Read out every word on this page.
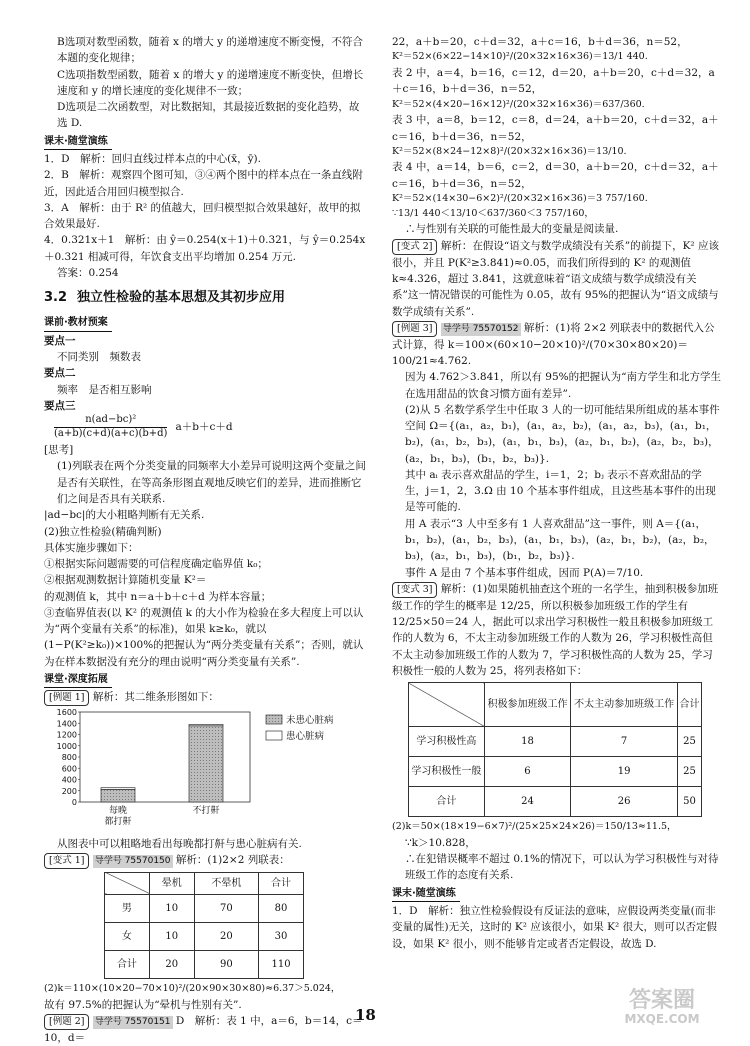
B选项对数型函数，随着 x 的增大 y 的递增速度不断变慢，不符合本题的变化规律；

C选项指数型函数，随着 x 的增大 y 的递增速度不断变快，但增长速度和 y 的增长速度的变化规律不一致；

D选项是二次函数型，对比数据知，其最接近数据的变化趋势，故选 D.

课末·随堂演练

1．D　解析：回归直线过样本点的中心(x̄，ȳ).

2．B　解析：观察四个图可知，③④两个图中的样本点在一条直线附近，因此适合用回归模型拟合.

3．A　解析：由于 R² 的值越大，回归模型拟合效果越好，故甲的拟合效果最好.

4．0.321x＋1　解析：由 ŷ＝0.254(x＋1)＋0.321，与 ŷ＝0.254x＋0.321 相减可得，年饮食支出平均增加 0.254 万元.

答案：0.254

3.2 独立性检验的基本思想及其初步应用
课前·教材预案

要点一

不同类别　频数表

要点二

频率　是否相互影响

要点三

$\frac{\text{n(ad−bc)²}}{(a+b)(c+d)(a+c)(b+d)} a+b+c+d$

[思考]

(1)列联表在两个分类变量的同频率大小差异可说明这两个变量之间是否有关联性，在等高条形图直观地反映它们的差异，进而推断它们之间是否具有关联系.

|ad−bc|的大小粗略判断有无关系.

(2)独立性检验(精确判断)

具体实施步骤如下：

①根据实际问题需要的可信程度确定临界值 k₀；

②根据观测数据计算随机变量 K²＝

的观测值 k，其中 n＝a＋b＋c＋d 为样本容量；

③查临界值表(以 K² 的观测值 k 的大小作为检验在多大程度上可以认为“两个变量有关系”的标准)，如果 k≥k₀，就以(1−P(K²≥k₀))×100%的把握认为“两分类变量有关系”；否则，就认为在样本数据没有充分的理由说明“两分类变量有关系”.

课堂·深度拓展

[例题 1] 解析：其二维条形图如下：

0
200
400
600
800
1000
1200
1400
1600
每晚
都打鼾
不打鼾
未患心脏病
患心脏病

从图表中可以粗略地看出每晚都打鼾与患心脏病有关.

[变式 1] 导学号 75570150 解析：(1)2×2 列联表：

	晕机	不晕机	合计
男	10	70	80
女	10	20	30
合计	20	90	110

(2)k＝110×(10×20−70×10)²/(20×90×30×80)≈6.37＞5.024，

故有 97.5%的把握认为“晕机与性别有关”.

[例题 2] 导学号 75570151 D　解析：表 1 中，a＝6，b＝14，c＝10，d＝

22，a＋b＝20，c＋d＝32，a＋c＝16，b＋d＝36，n＝52，

K²＝52×(6×22−14×10)²/(20×32×16×36)＝13/1 440.

表 2 中，a＝4，b＝16，c＝12，d＝20，a＋b＝20，c＋d＝32，a＋c＝16，b＋d＝36，n＝52，

K²＝52×(4×20−16×12)²/(20×32×16×36)＝637/360.

表 3 中，a＝8，b＝12，c＝8，d＝24，a＋b＝20，c＋d＝32，a＋c＝16，b＋d＝36，n＝52，

K²＝52×(8×24−12×8)²/(20×32×16×36)＝13/10.

表 4 中，a＝14，b＝6，c＝2，d＝30，a＋b＝20，c＋d＝32，a＋c＝16，b＋d＝36，n＝52，

K²＝52×(14×30−6×2)²/(20×32×16×36)＝3 757/160.

∵13/1 440＜13/10＜637/360＜3 757/160，

∴与性别有关联的可能性最大的变量是阅读量.

[变式 2] 解析：在假设“语文与数学成绩没有关系”的前提下，K² 应该很小，并且 P(K²≥3.841)≈0.05，而我们所得到的 K² 的观测值 k≈4.326，超过 3.841，这就意味着“语文成绩与数学成绩没有关系”这一情况错误的可能性为 0.05，故有 95%的把握认为“语文成绩与数学成绩有关系”.

[例题 3] 导学号 75570152 解析：(1)将 2×2 列联表中的数据代入公式计算，得 k＝100×(60×10−20×10)²/(70×30×80×20)＝100/21≈4.762.

因为 4.762＞3.841，所以有 95%的把握认为“南方学生和北方学生在选用甜品的饮食习惯方面有差异”.

(2)从 5 名数学系学生中任取 3 人的一切可能结果所组成的基本事件空间 Ω＝{(a₁，a₂，b₁)，(a₁，a₂，b₂)，(a₁，a₂，b₃)，(a₁，b₁，b₂)，(a₁，b₂，b₃)，(a₁，b₁，b₃)，(a₂，b₁，b₂)，(a₂，b₂，b₃)，(a₂，b₁，b₃)，(b₁，b₂，b₃)}.

其中 aᵢ 表示喜欢甜品的学生，i＝1，2；bⱼ 表示不喜欢甜品的学生，j＝1，2，3.Ω 由 10 个基本事件组成，且这些基本事件的出现是等可能的.

用 A 表示“3 人中至多有 1 人喜欢甜品”这一事件，则 A＝{(a₁，b₁，b₂)，(a₁，b₂，b₃)，(a₁，b₁，b₃)，(a₂，b₁，b₂)，(a₂，b₂，b₃)，(a₂，b₁，b₃)，(b₁，b₂，b₃)}.

事件 A 是由 7 个基本事件组成，因而 P(A)＝7/10.

[变式 3] 解析：(1)如果随机抽查这个班的一名学生，抽到积极参加班级工作的学生的概率是 12/25，所以积极参加班级工作的学生有 12/25×50＝24 人，据此可以求出学习积极性一般且积极参加班级工作的人数为 6，不太主动参加班级工作的人数为 26，学习积极性高但不太主动参加班级工作的人数为 7，学习积极性高的人数为 25，学习积极性一般的人数为 25，将列表格如下：

	积极参加班级工作	不太主动参加班级工作	合计
学习积极性高	18	7	25
学习积极性一般	6	19	25
合计	24	26	50

(2)k＝50×(18×19−6×7)²/(25×25×24×26)＝150/13≈11.5，

∵k＞10.828，

∴在犯错误概率不超过 0.1%的情况下，可以认为学习积极性与对待班级工作的态度有关系.

课末·随堂演练

1．D　解析：独立性检验假设有反证法的意味，应假设两类变量(而非变量的属性)无关，这时的 K² 应该很小，如果 K² 很大，则可以否定假设，如果 K² 很小，则不能够肯定或者否定假设，故选 D.

18
答案圈
MXQE.COM
